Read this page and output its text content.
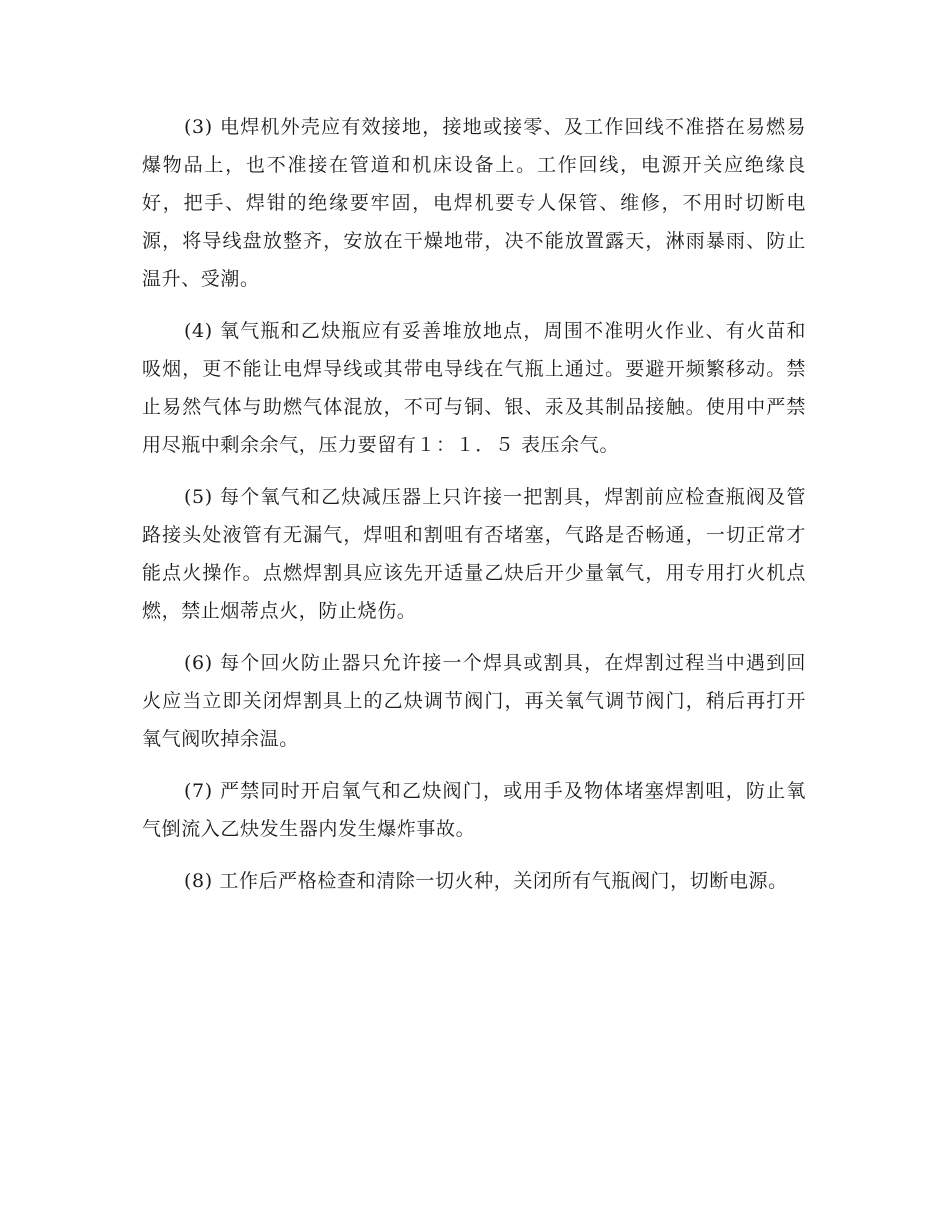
(3) 电焊机外壳应有效接地，接地或接零、及工作回线不准搭在易燃易爆物品上，也不准接在管道和机床设备上。工作回线，电源开关应绝缘良好，把手、焊钳的绝缘要牢固，电焊机要专人保管、维修，不用时切断电源，将导线盘放整齐，安放在干燥地带，决不能放置露天，淋雨暴雨、防止温升、受潮。

(4) 氧气瓶和乙炔瓶应有妥善堆放地点，周围不准明火作业、有火苗和吸烟，更不能让电焊导线或其带电导线在气瓶上通过。要避开频繁移动。禁止易然气体与助燃气体混放，不可与铜、银、汞及其制品接触。使用中严禁用尽瓶中剩余余气，压力要留有１：１．５ 表压余气。

(5) 每个氧气和乙炔减压器上只许接一把割具，焊割前应检查瓶阀及管路接头处液管有无漏气，焊咀和割咀有否堵塞，气路是否畅通，一切正常才能点火操作。点燃焊割具应该先开适量乙炔后开少量氧气，用专用打火机点燃，禁止烟蒂点火，防止烧伤。

(6) 每个回火防止器只允许接一个焊具或割具，在焊割过程当中遇到回火应当立即关闭焊割具上的乙炔调节阀门，再关氧气调节阀门，稍后再打开氧气阀吹掉余温。

(7) 严禁同时开启氧气和乙炔阀门，或用手及物体堵塞焊割咀，防止氧气倒流入乙炔发生器内发生爆炸事故。

(8) 工作后严格检查和清除一切火种，关闭所有气瓶阀门，切断电源。
